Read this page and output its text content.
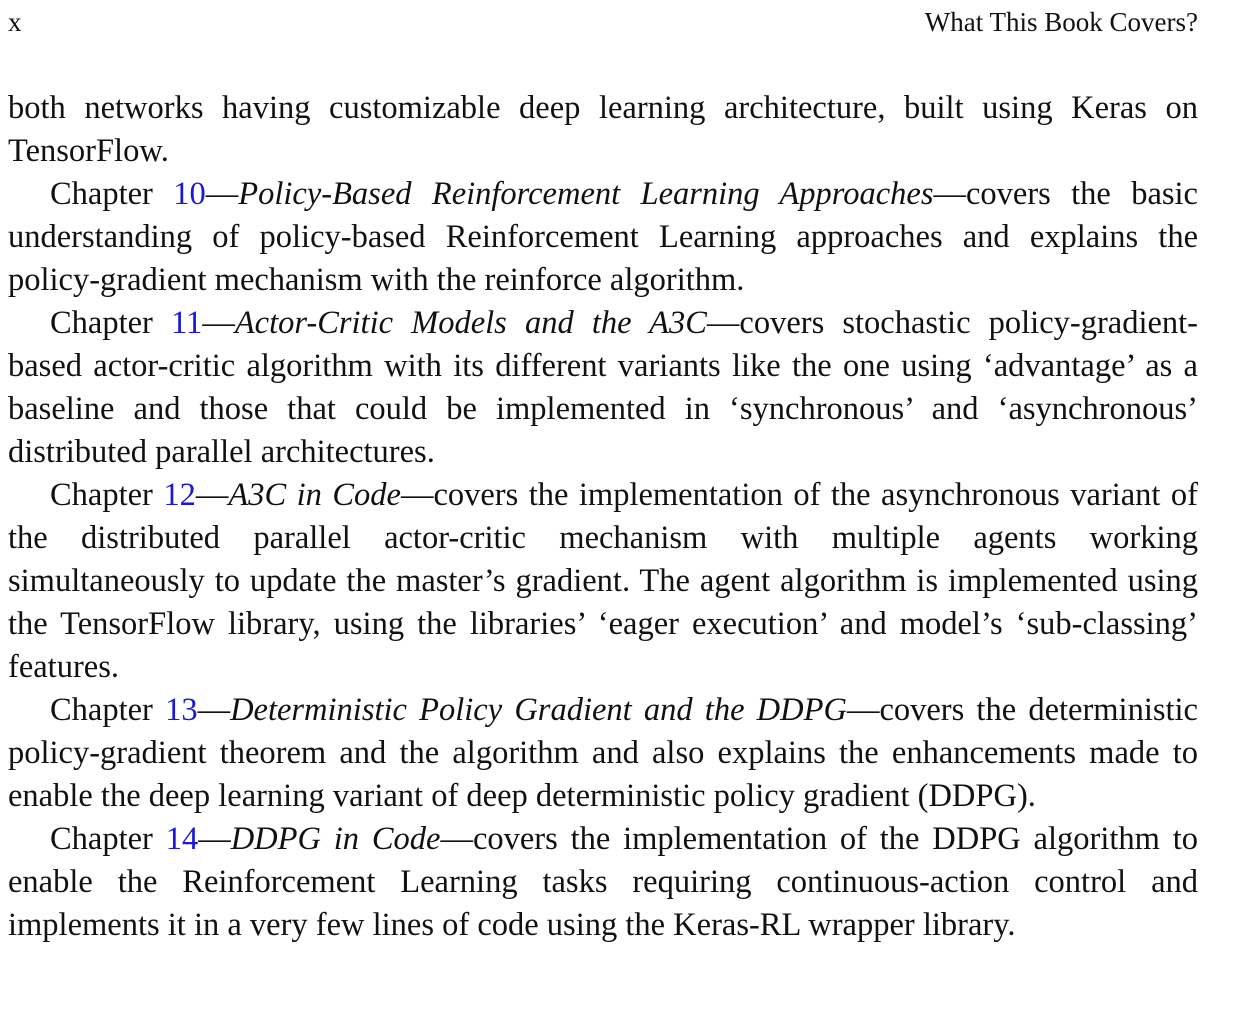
x	What This Book Covers?

both networks having customizable deep learning architecture, built using Keras on TensorFlow.

Chapter 10—Policy-Based Reinforcement Learning Approaches—covers the basic understanding of policy-based Reinforcement Learning approaches and explains the policy-gradient mechanism with the reinforce algorithm.

Chapter 11—Actor-Critic Models and the A3C—covers stochastic policy-gradient-based actor-critic algorithm with its different variants like the one using ‘advantage’ as a baseline and those that could be implemented in ‘synchronous’ and ‘asynchronous’ distributed parallel architectures.

Chapter 12—A3C in Code—covers the implementation of the asynchronous variant of the distributed parallel actor-critic mechanism with multiple agents working simultaneously to update the master’s gradient. The agent algorithm is implemented using the TensorFlow library, using the libraries’ ‘eager execution’ and model’s ‘sub-classing’ features.

Chapter 13—Deterministic Policy Gradient and the DDPG—covers the deterministic policy-gradient theorem and the algorithm and also explains the enhancements made to enable the deep learning variant of deep deterministic policy gradient (DDPG).

Chapter 14—DDPG in Code—covers the implementation of the DDPG algorithm to enable the Reinforcement Learning tasks requiring continuous-action control and implements it in a very few lines of code using the Keras-RL wrapper library.
